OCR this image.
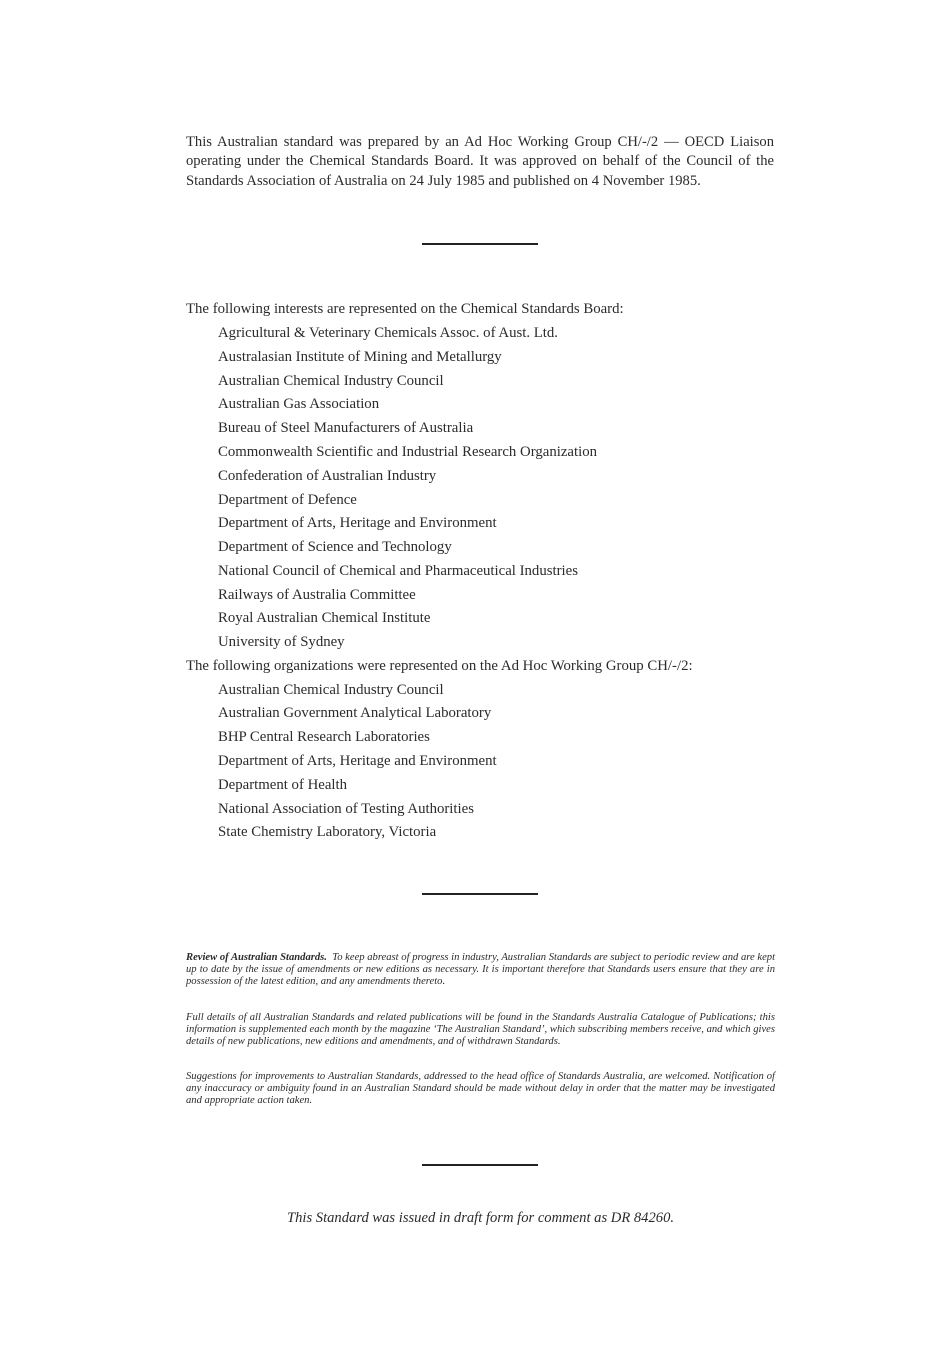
This Australian standard was prepared by an Ad Hoc Working Group CH/-/2 — OECD Liaison operating under the Chemical Standards Board. It was approved on behalf of the Council of the Standards Association of Australia on 24 July 1985 and published on 4 November 1985.

The following interests are represented on the Chemical Standards Board:

Agricultural & Veterinary Chemicals Assoc. of Aust. Ltd.

Australasian Institute of Mining and Metallurgy

Australian Chemical Industry Council

Australian Gas Association

Bureau of Steel Manufacturers of Australia

Commonwealth Scientific and Industrial Research Organization

Confederation of Australian Industry

Department of Defence

Department of Arts, Heritage and Environment

Department of Science and Technology

National Council of Chemical and Pharmaceutical Industries

Railways of Australia Committee

Royal Australian Chemical Institute

University of Sydney

The following organizations were represented on the Ad Hoc Working Group CH/-/2:

Australian Chemical Industry Council

Australian Government Analytical Laboratory

BHP Central Research Laboratories

Department of Arts, Heritage and Environment

Department of Health

National Association of Testing Authorities

State Chemistry Laboratory, Victoria

Review of Australian Standards. To keep abreast of progress in industry, Australian Standards are subject to periodic review and are kept up to date by the issue of amendments or new editions as necessary. It is important therefore that Standards users ensure that they are in possession of the latest edition, and any amendments thereto.

Full details of all Australian Standards and related publications will be found in the Standards Australia Catalogue of Publications; this information is supplemented each month by the magazine ‘The Australian Standard’, which subscribing members receive, and which gives details of new publications, new editions and amendments, and of withdrawn Standards.

Suggestions for improvements to Australian Standards, addressed to the head office of Standards Australia, are welcomed. Notification of any inaccuracy or ambiguity found in an Australian Standard should be made without delay in order that the matter may be investigated and appropriate action taken.

This Standard was issued in draft form for comment as DR 84260.
